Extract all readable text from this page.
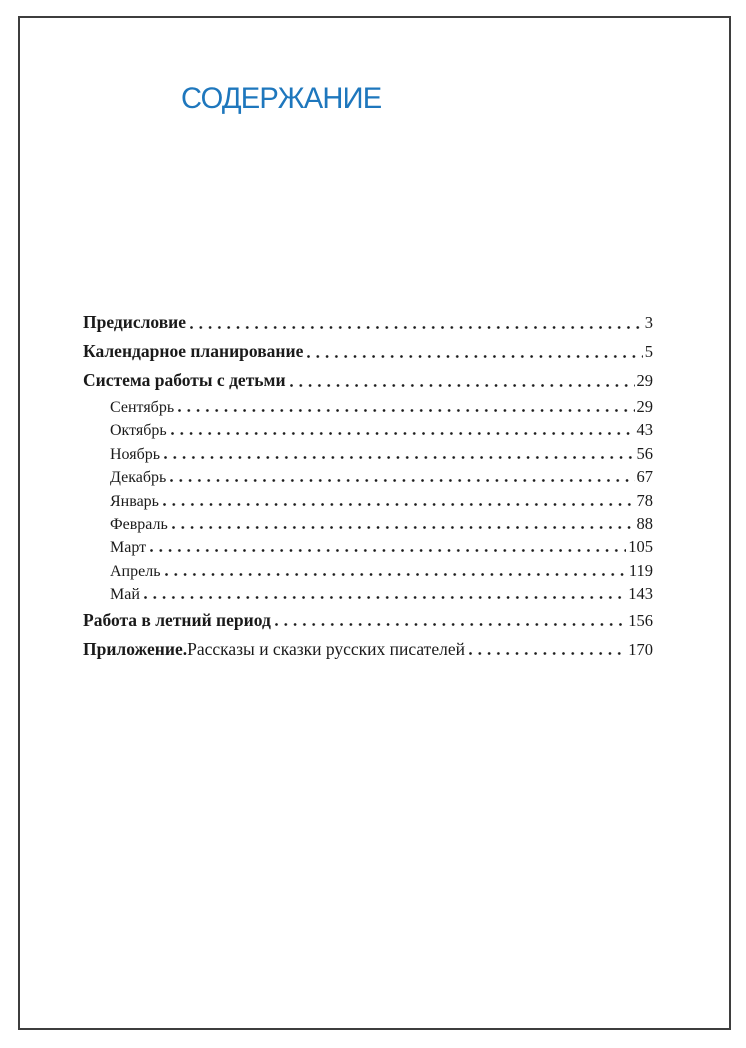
СОДЕРЖАНИЕ
Предисловие	3
Календарное планирование	5
Система работы с детьми	29
Сентябрь	29
Октябрь	43
Ноябрь	56
Декабрь	67
Январь	78
Февраль	88
Март	105
Апрель	119
Май	143
Работа в летний период	156
Приложение. Рассказы и сказки русских писателей	170
